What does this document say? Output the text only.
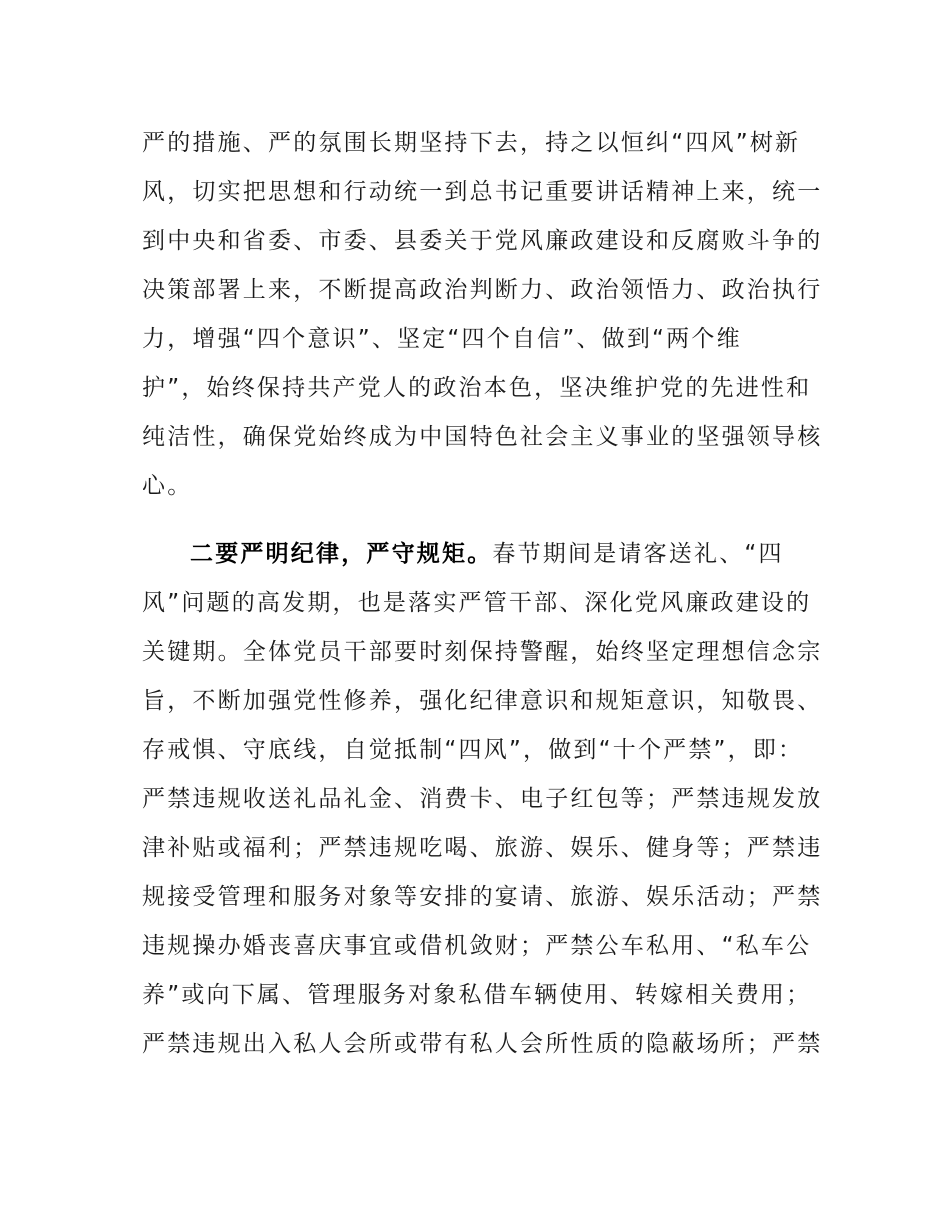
严的措施、严的氛围长期坚持下去，持之以恒纠“四风”树新
风，切实把思想和行动统一到总书记重要讲话精神上来，统一
到中央和省委、市委、县委关于党风廉政建设和反腐败斗争的
决策部署上来，不断提高政治判断力、政治领悟力、政治执行
力，增强“四个意识”、坚定“四个自信”、做到“两个维
护”，始终保持共产党人的政治本色，坚决维护党的先进性和
纯洁性，确保党始终成为中国特色社会主义事业的坚强领导核
心。
二要严明纪律，严守规矩。春节期间是请客送礼、“四
风”问题的高发期，也是落实严管干部、深化党风廉政建设的
关键期。全体党员干部要时刻保持警醒，始终坚定理想信念宗
旨，不断加强党性修养，强化纪律意识和规矩意识，知敬畏、
存戒惧、守底线，自觉抵制“四风”，做到“十个严禁”，即：
严禁违规收送礼品礼金、消费卡、电子红包等；严禁违规发放
津补贴或福利；严禁违规吃喝、旅游、娱乐、健身等；严禁违
规接受管理和服务对象等安排的宴请、旅游、娱乐活动；严禁
违规操办婚丧喜庆事宜或借机敛财；严禁公车私用、“私车公
养”或向下属、管理服务对象私借车辆使用、转嫁相关费用；
严禁违规出入私人会所或带有私人会所性质的隐蔽场所；严禁
